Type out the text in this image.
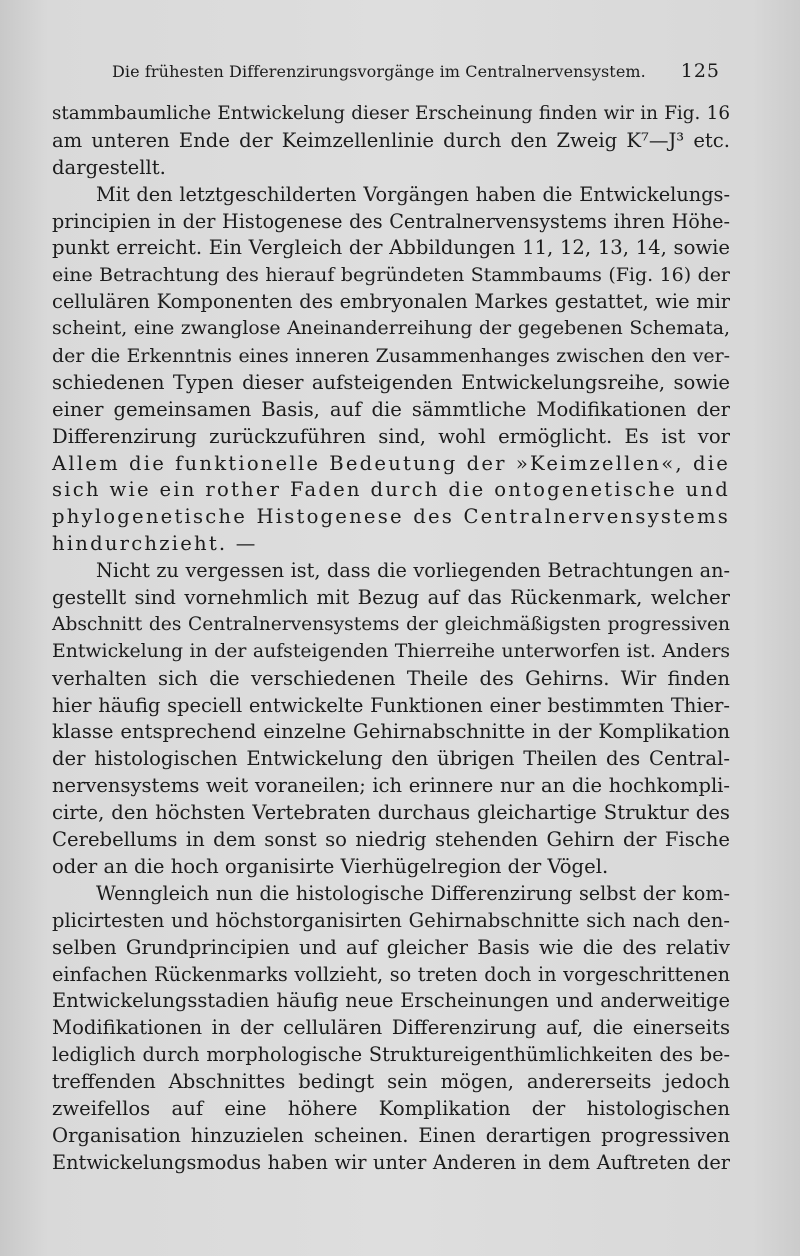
Die frühesten Differenzirungsvorgänge im Centralnervensystem. 125
stammbaumliche Entwickelung dieser Erscheinung finden wir in Fig. 16
am unteren Ende der Keimzellenlinie durch den Zweig K⁷—J³ etc.
dargestellt.
Mit den letztgeschilderten Vorgängen haben die Entwickelungs-
principien in der Histogenese des Centralnervensystems ihren Höhe-
punkt erreicht. Ein Vergleich der Abbildungen 11, 12, 13, 14, sowie
eine Betrachtung des hierauf begründeten Stammbaums (Fig. 16) der
cellulären Komponenten des embryonalen Markes gestattet, wie mir
scheint, eine zwanglose Aneinanderreihung der gegebenen Schemata,
der die Erkenntnis eines inneren Zusammenhanges zwischen den ver-
schiedenen Typen dieser aufsteigenden Entwickelungsreihe, sowie
einer gemeinsamen Basis, auf die sämmtliche Modifikationen der
Differenzirung zurückzuführen sind, wohl ermöglicht. Es ist vor
Allem die funktionelle Bedeutung der »Keimzellen«, die
sich wie ein rother Faden durch die ontogenetische und
phylogenetische Histogenese des Centralnervensystems
hindurchzieht. —
Nicht zu vergessen ist, dass die vorliegenden Betrachtungen an-
gestellt sind vornehmlich mit Bezug auf das Rückenmark, welcher
Abschnitt des Centralnervensystems der gleichmäßigsten progressiven
Entwickelung in der aufsteigenden Thierreihe unterworfen ist. Anders
verhalten sich die verschiedenen Theile des Gehirns. Wir finden
hier häufig speciell entwickelte Funktionen einer bestimmten Thier-
klasse entsprechend einzelne Gehirnabschnitte in der Komplikation
der histologischen Entwickelung den übrigen Theilen des Central-
nervensystems weit voraneilen; ich erinnere nur an die hochkompli-
cirte, den höchsten Vertebraten durchaus gleichartige Struktur des
Cerebellums in dem sonst so niedrig stehenden Gehirn der Fische
oder an die hoch organisirte Vierhügelregion der Vögel.
Wenngleich nun die histologische Differenzirung selbst der kom-
plicirtesten und höchstorganisirten Gehirnabschnitte sich nach den-
selben Grundprincipien und auf gleicher Basis wie die des relativ
einfachen Rückenmarks vollzieht, so treten doch in vorgeschrittenen
Entwickelungsstadien häufig neue Erscheinungen und anderweitige
Modifikationen in der cellulären Differenzirung auf, die einerseits
lediglich durch morphologische Struktureigenthümlichkeiten des be-
treffenden Abschnittes bedingt sein mögen, andererseits jedoch
zweifellos auf eine höhere Komplikation der histologischen
Organisation hinzuzielen scheinen. Einen derartigen progressiven
Entwickelungsmodus haben wir unter Anderen in dem Auftreten der
